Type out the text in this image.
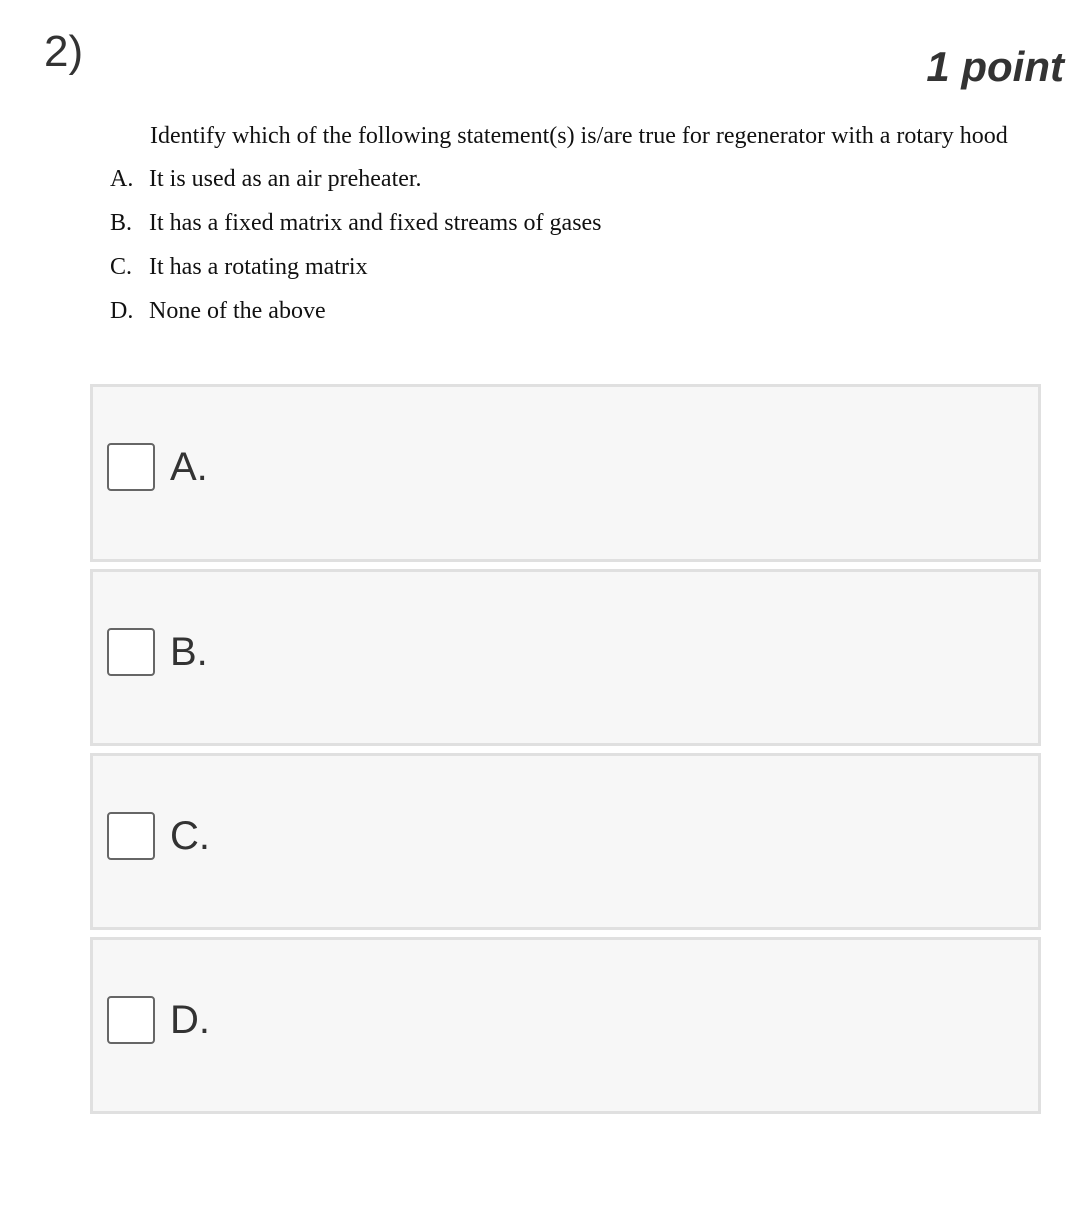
2)	1 point
Identify which of the following statement(s) is/are true for regenerator with a rotary hood
A. It is used as an air preheater.
B. It has a fixed matrix and fixed streams of gases
C. It has a rotating matrix
D. None of the above
A.
B.
C.
D.
